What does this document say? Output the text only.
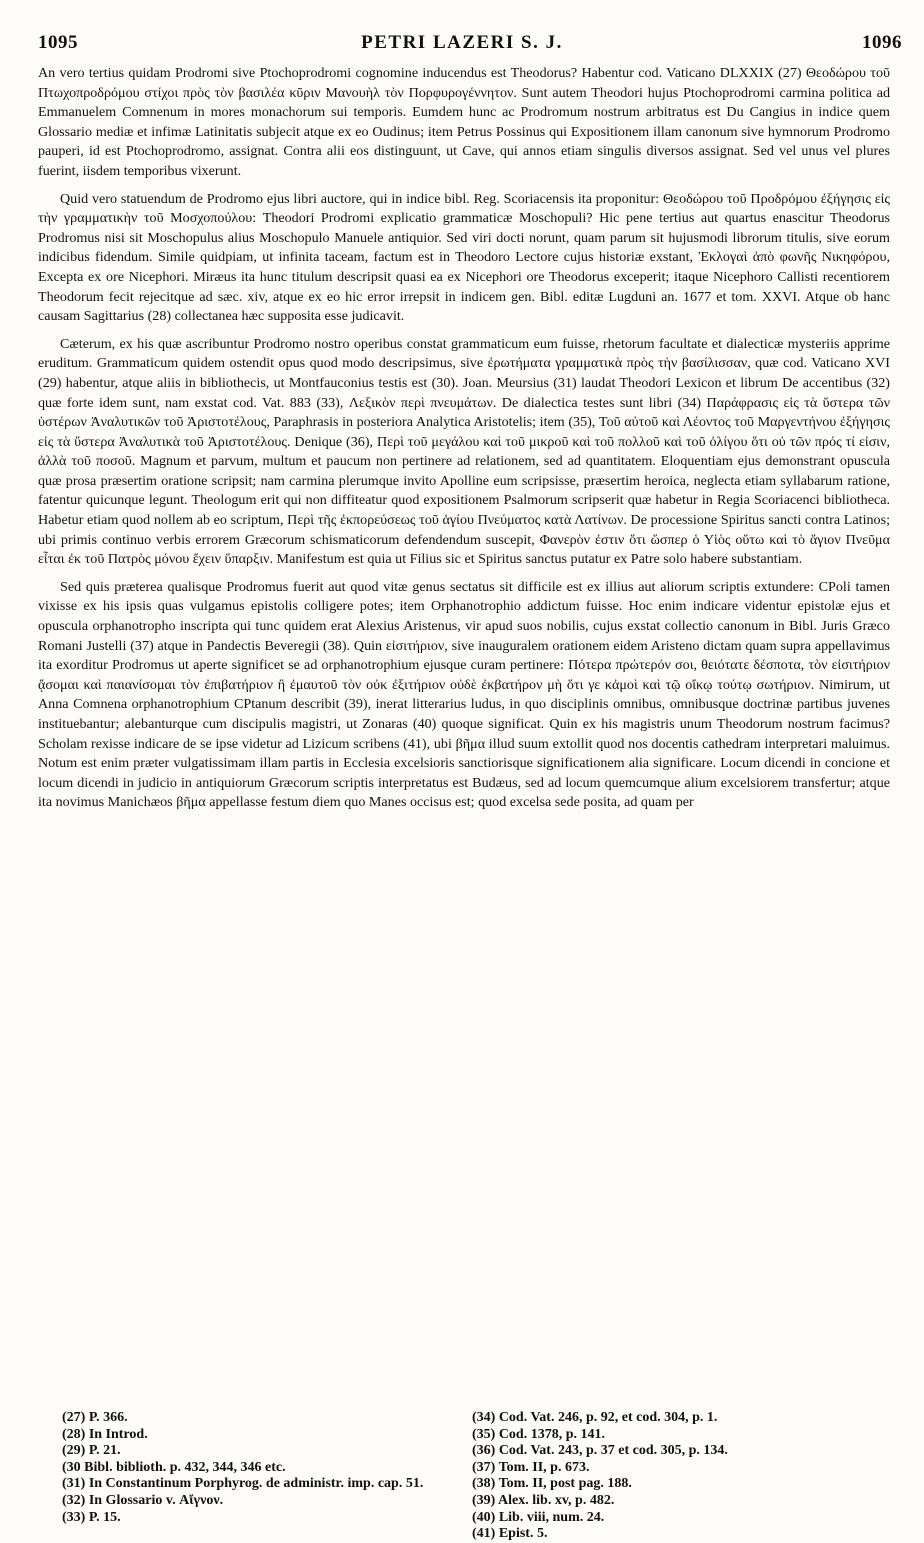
1095	PETRI LAZERI S. J.	1096

An vero tertius quidam Prodromi sive Ptochoprodromi cognomine inducendus est Theodorus? Habentur cod. Vaticano DLXXIX (27) Θεοδώρου τοῦ Πτωχοπροδρόμου στίχοι πρὸς τὸν βασιλέα κῦριν Μανουὴλ τὸν Πορφυρογέννητον. Sunt autem Theodori hujus Ptochoprodromi carmina politica ad Emmanuelem Comnenum in mores monachorum sui temporis. Eumdem hunc ac Prodromum nostrum arbitratus est Du Cangius in indice quem Glossario mediæ et infimæ Latinitatis subjecit atque ex eo Oudinus; item Petrus Possinus qui Expositionem illam canonum sive hymnorum Prodromo pauperi, id est Ptochoprodromo, assignat. Contra alii eos distinguunt, ut Cave, qui annos etiam singulis diversos assignat. Sed vel unus vel plures fuerint, iisdem temporibus vixerunt.

Quid vero statuendum de Prodromo ejus libri auctore, qui in indice bibl. Reg. Scoriacensis ita proponitur: Θεοδώρου τοῦ Προδρόμου ἐξήγησις εἰς τὴν γραμματικὴν τοῦ Μοσχοπούλου: Theodori Prodromi explicatio grammaticæ Moschopuli? Hic pene tertius aut quartus enascitur Theodorus Prodromus nisi sit Moschopulus alius Moschopulo Manuele antiquior. Sed viri docti norunt, quam parum sit hujusmodi librorum titulis, sive eorum indicibus fidendum. Simile quidpiam, ut infinita taceam, factum est in Theodoro Lectore cujus historiæ exstant, Ἐκλογαὶ ἀπὸ φωνῆς Νικηφόρου, Excepta ex ore Nicephori. Miræus ita hunc titulum descripsit quasi ea ex Nicephori ore Theodorus exceperit; itaque Nicephoro Callisti recentiorem Theodorum fecit rejecitque ad sæc. xiv, atque ex eo hic error irrepsit in indicem gen. Bibl. editæ Lugduni an. 1677 et tom. XXVI. Atque ob hanc causam Sagittarius (28) collectanea hæc supposita esse judicavit.

Cæterum, ex his quæ ascribuntur Prodromo nostro operibus constat grammaticum eum fuisse, rhetorum facultate et dialecticæ mysteriis apprime eruditum. Grammaticum quidem ostendit opus quod modo descripsimus, sive ἐρωτήματα γραμματικὰ πρὸς τὴν βασίλισσαν, quæ cod. Vaticano XVI (29) habentur, atque aliis in bibliothecis, ut Montfauconius testis est (30). Joan. Meursius (31) laudat Theodori Lexicon et librum De accentibus (32) quæ forte idem sunt, nam exstat cod. Vat. 883 (33), Λεξικὸν περὶ πνευμάτων. De dialectica testes sunt libri (34) Παράφρασις εἰς τὰ ὕστερα τῶν ὑστέρων Ἀναλυτικῶν τοῦ Ἀριστοτέλους, Paraphrasis in posteriora Analytica Aristotelis; item (35), Τοῦ αὐτοῦ καὶ Λέοντος τοῦ Μαργεντήνου ἐξήγησις εἰς τὰ ὕστερα Ἀναλυτικὰ τοῦ Ἀριστοτέλους. Denique (36), Περὶ τοῦ μεγάλου καὶ τοῦ μικροῦ καὶ τοῦ πολλοῦ καὶ τοῦ ὀλίγου ὅτι οὐ τῶν πρός τί εἰσιν, ἀλλὰ τοῦ ποσοῦ. Magnum et parvum, multum et paucum non pertinere ad relationem, sed ad quantitatem. Eloquentiam ejus demonstrant opuscula quæ prosa præsertim oratione scripsit; nam carmina plerumque invito Apolline eum scripsisse, præsertim heroica, neglecta etiam syllabarum ratione, fatentur quicunque legunt. Theologum erit qui non diffiteatur quod expositionem Psalmorum scripserit quæ habetur in Regia Scoriacenci bibliotheca. Habetur etiam quod nollem ab eo scriptum, Περὶ τῆς ἐκπορεύσεως τοῦ ἁγίου Πνεύματος κατὰ Λατίνων. De processione Spiritus sancti contra Latinos; ubi primis continuo verbis errorem Græcorum schismaticorum defendendum suscepit, Φανερὸν ἐστιν ὅτι ὥσπερ ὁ Υἱὸς οὕτω καὶ τὸ ἅγιον Πνεῦμα εἶται ἐκ τοῦ Πατρὸς μόνου ἔχειν ὕπαρξιν. Manifestum est quia ut Filius sic et Spiritus sanctus putatur ex Patre solo habere substantiam.

Sed quis præterea qualisque Prodromus fuerit aut quod vitæ genus sectatus sit difficile est ex illius aut aliorum scriptis extundere: CPoli tamen vixisse ex his ipsis quas vulgamus epistolis colligere potes; item Orphanotrophio addictum fuisse. Hoc enim indicare videntur epistolæ ejus et opuscula orphanotropho inscripta qui tunc quidem erat Alexius Aristenus, vir apud suos nobilis, cujus exstat collectio canonum in Bibl. Juris Græco Romani Justelli (37) atque in Pandectis Beveregii (38). Quin εἰσιτήριον, sive inauguralem orationem eidem Aristeno dictam quam supra appellavimus ita exorditur Prodromus ut aperte significet se ad orphanotrophium ejusque curam pertinere: Πότερα πρώτερόν σοι, θειότατε δέσποτα, τὸν εἰσιτήριον ᾄσομαι καὶ παιανίσομαι τὸν ἐπιβατήριον ἢ ἐμαυτοῦ τὸν οὐκ ἐξιτήριον οὐδὲ ἐκβατήρον μὴ ὅτι γε κἀμοὶ καὶ τῷ οἴκῳ τούτῳ σωτήριον. Nimirum, ut Anna Comnena orphanotrophium CPtanum describit (39), inerat litterarius ludus, in quo disciplinis omnibus, omnibusque doctrinæ partibus juvenes instituebantur; alebanturque cum discipulis magistri, ut Zonaras (40) quoque significat. Quin ex his magistris unum Theodorum nostrum facimus? Scholam rexisse indicare de se ipse videtur ad Lizicum scribens (41), ubi βῆμα illud suum extollit quod nos docentis cathedram interpretari maluimus. Notum est enim præter vulgatissimam illam partis in Ecclesia excelsioris sanctiorisque significationem alia significare. Locum dicendi in concione et locum dicendi in judicio in antiquiorum Græcorum scriptis interpretatus est Budæus, sed ad locum quemcumque alium excelsiorem transfertur; atque ita novimus Manichæos βῆμα appellasse festum diem quo Manes occisus est; quod excelsa sede posita, ad quam per

(27) P. 366.
(28) In Introd.
(29) P. 21.
(30 Bibl. biblioth. p. 432, 344, 346 etc.
(31) In Constantinum Porphyrog. de administr. imp. cap. 51.
(32) In Glossario v. Αἴγνον.
(33) P. 15.
(34) Cod. Vat. 246, p. 92, et cod. 304, p. 1.
(35) Cod. 1378, p. 141.
(36) Cod. Vat. 243, p. 37 et cod. 305, p. 134.
(37) Tom. II, p. 673.
(38) Tom. II, post pag. 188.
(39) Alex. lib. xv, p. 482.
(40) Lib. viii, num. 24.
(41) Epist. 5.
